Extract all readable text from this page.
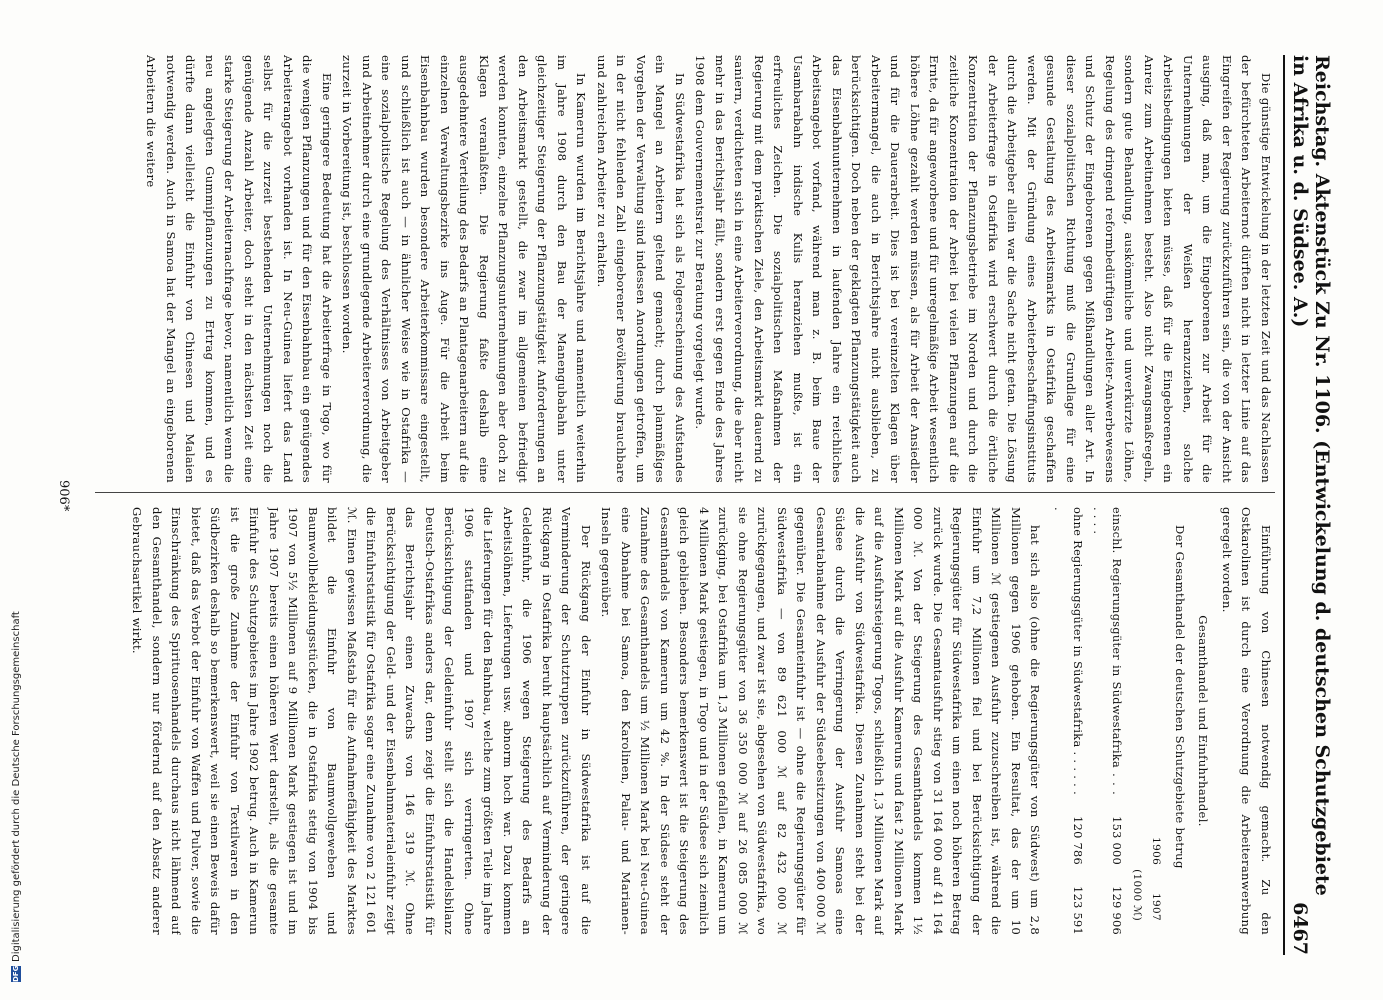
Reichstag. Aktenstück Zu Nr. 1106. (Entwickelung d. deutschen Schutzgebiete in Afrika u. d. Südsee. A.)
6467

Die günstige Entwickelung in der letzten Zeit und das Nachlassen der befürchteten Arbeiternot dürften nicht in letzter Linie auf das Eingreifen der Regierung zurückzuführen sein, die von der Ansicht ausging, daß man, um die Eingeborenen zur Arbeit für die Unternehmungen der Weißen heranzuziehen, solche Arbeitsbedingungen bieten müsse, daß für die Eingeborenen ein Anreiz zum Arbeitnehmen besteht. Also nicht Zwangsmaßregeln, sondern gute Behandlung, auskömmliche und unverkürzte Löhne, Regelung des dringend reformbedürftigen Arbeiter-Anwerbewesens und Schutz der Eingeborenen gegen Mißhandlungen aller Art. In dieser sozialpolitischen Richtung muß die Grundlage für eine gesunde Gestaltung des Arbeitsmarkts in Ostafrika geschaffen werden. Mit der Gründung eines Arbeiterbeschaffungsinstituts durch die Arbeitgeber allein war die Sache nicht getan. Die Lösung der Arbeiterfrage in Ostafrika wird erschwert durch die örtliche Konzentration der Pflanzungsbetriebe im Norden und durch die zeitliche Konzentration der Arbeit bei vielen Pflanzungen auf die Ernte, da für angeworbene und für unregelmäßige Arbeit wesentlich höhere Löhne gezahlt werden müssen, als für Arbeit der Ansiedler und für die Dauerarbeit. Dies ist bei vereinzelten Klagen über Arbeitermangel, die auch in Berichtsjahre nicht ausblieben, zu berücksichtigen. Doch neben der geklagten Pflanzungstätigkeit auch das Eisenbahnunternehmen in laufenden Jahre ein reichliches Arbeitsangebot vorfand, während man z. B. beim Baue der Usambarabahn indische Kulis heranziehen mußte, ist ein erfreuliches Zeichen. Die sozialpolitischen Maßnahmen der Regierung mit dem praktischen Ziele, den Arbeitsmarkt dauernd zu saniern, verdichteten sich in eine Arbeiterverordnung, die aber nicht mehr in das Berichtsjahr fällt, sondern erst gegen Ende des Jahres 1908 dem Gouvernementsrat zur Beratung vorgelegt wurde.

In Südwestafrika hat sich als Folgeerscheinung des Aufstandes ein Mangel an Arbeitern geltend gemacht; durch planmäßiges Vorgehen der Verwaltung sind indessen Anordnungen getroffen, um in der nicht fehlenden Zahl eingeborener Bevölkerung brauchbare und zahlreichen Arbeiter zu erhalten.

In Kamerun wurden im Berichtsjahre und namentlich weiterhin im Jahre 1908 durch den Bau der Manengubabahn unter gleichzeitiger Steigerung der Pflanzungstätigkeit Anforderungen an den Arbeitsmarkt gestellt, die zwar im allgemeinen befriedigt werden konnten, einzelne Pflanzungsunternehmungen aber doch zu Klagen veranlaßten. Die Regierung faßte deshalb eine ausgedehntere Verteilung des Bedarfs an Plantagenarbeitern auf die einzelnen Verwaltungsbezirke ins Auge. Für die Arbeit beim Eisenbahnbau wurden besondere Arbeiterkommissare eingestellt, und schließlich ist auch — in ähnlicher Weise wie in Ostafrika — eine sozialpolitische Regelung des Verhältnisses von Arbeitgeber und Arbeitnehmer durch eine grundlegende Arbeiterverordnung, die zurzeit in Vorbereitung ist, beschlossen worden.

Eine geringere Bedeutung hat die Arbeiterfrage in Togo, wo für die wenigen Pflanzungen und für den Eisenbahnbau ein genügendes Arbeiterangebot vorhanden ist. In Neu-Guinea liefert das Land selbst für die zurzeit bestehenden Unternehmungen noch die genügende Anzahl Arbeiter, doch steht in den nächsten Zeit eine starke Steigerung der Arbeiternachfrage bevor, namentlich wenn die neu angelegten Gummipflanzungen zu Ertrag kommen, und es dürfte dann vielleicht die Einfuhr von Chinesen und Malaien notwendig werden. Auch in Samoa hat der Mangel an eingeborenen Arbeitern die weitere

Einführung von Chinesen notwendig gemacht. Zu den Ostkarolinen ist durch eine Verordnung die Arbeiteranwerbung geregelt worden.

Gesamthandel und Einfuhrhandel.

Der Gesamthandel der deutschen Schutzgebiete betrug

1906
1907
(1000 ℳ)
einschl. Regierungsgüter in Südwestafrika . . . . . . .
153 000
129 906
ohne Regierungsgüter in Südwestafrika . . . . . . .
120 786
123 591

hat sich also (ohne die Regierungsgüter von Südwest) um 2,8 Millionen gegen 1906 gehoben. Ein Resultat, das der um 10 Millionen ℳ gestiegenen Ausfuhr zuzuschreiben ist, während die Einfuhr um 7,2 Millionen fiel und bei Berücksichtigung der Regierungsgüter für Südwestafrika um einen noch höheren Betrag zurück wurde. Die Gesamtausfuhr stieg von 31 164 000 auf 41 164 000 ℳ. Von der Steigerung des Gesamthandels kommen 1½ Millionen Mark auf die Ausfuhr Kameruns und fast 2 Millionen Mark auf die Ausfuhrsteigerung Togos, schließlich 1,3 Millionen Mark auf die Ausfuhr von Südwestafrika. Diesen Zunahmen steht bei der Südsee durch die Verringerung der Ausfuhr Samoas eine Gesamtabnahme der Ausfuhr der Südseebesitzungen von 400 000 ℳ gegenüber. Die Gesamteinfuhr ist — ohne die Regierungsgüter für Südwestafrika — von 89 621 000 ℳ auf 82 432 000 ℳ zurückgegangen, und zwar ist sie, abgesehen von Südwestafrika, wo sie ohne Regierungsgüter von 36 350 000 ℳ auf 26 085 000 ℳ zurückging, bei Ostafrika um 1,3 Millionen gefallen, in Kamerun um 4 Millionen Mark gestiegen, in Togo und in der Südsee sich ziemlich gleich geblieben. Besonders bemerkenswert ist die Steigerung des Gesamthandels von Kamerun um 42 %. In der Südsee steht der Zunahme des Gesamthandels um ½ Millionen Mark bei Neu-Guinea eine Abnahme bei Samoa, den Karolinen, Palau- und Marianen-Inseln gegenüber.

Der Rückgang der Einfuhr in Südwestafrika ist auf die Verminderung der Schutztruppen zurückzuführen, der geringere Rückgang in Ostafrika beruht hauptsächlich auf Verminderung der Geldeinfuhr, die 1906 wegen Steigerung des Bedarfs an Arbeitslöhnen, Lieferungen usw. abnorm hoch war. Dazu kommen die Lieferungen für den Bahnbau, welche zum größten Teile im Jahre 1906 stattfanden und 1907 sich verringerten. Ohne Berücksichtigung der Geldeinfuhr stellt sich die Handelsbilanz Deutsch-Ostafrikas anders dar, denn zeigt die Einfuhrstatistik für das Berichtsjahr einen Zuwachs von 146 319 ℳ. Ohne Berücksichtigung der Geld- und der Eisenbahnmaterialeinfuhr zeigt die Einfuhrstatistik für Ostafrika sogar eine Zunahme von 2 121 601 ℳ. Einen gewissen Maßstab für die Aufnahmefähigkeit des Marktes bildet die Einfuhr von Baumwollgeweben und Baumwollbekleidungsstücken, die in Ostafrika stetig von 1904 bis 1907 von 5½ Millionen auf 9 Millionen Mark gestiegen ist und im Jahre 1907 bereits einen höheren Wert darstellt, als die gesamte Einfuhr des Schutzgebietes im Jahre 1902 betrug. Auch in Kamerun ist die große Zunahme der Einfuhr von Textilwaren in den Südbezirken deshalb so bemerkenswert, weil sie einen Beweis dafür bietet, daß das Verbot der Einfuhr von Waffen und Pulver, sowie die Einschränkung des Spirituosenhandels durchaus nicht lähmend auf den Gesamthandel, sondern nur fördernd auf den Absatz anderer Gebrauchsartikel wirkt.

906*
DFG
Digitalisierung gefördert durch die Deutsche Forschungsgemeinschaft
